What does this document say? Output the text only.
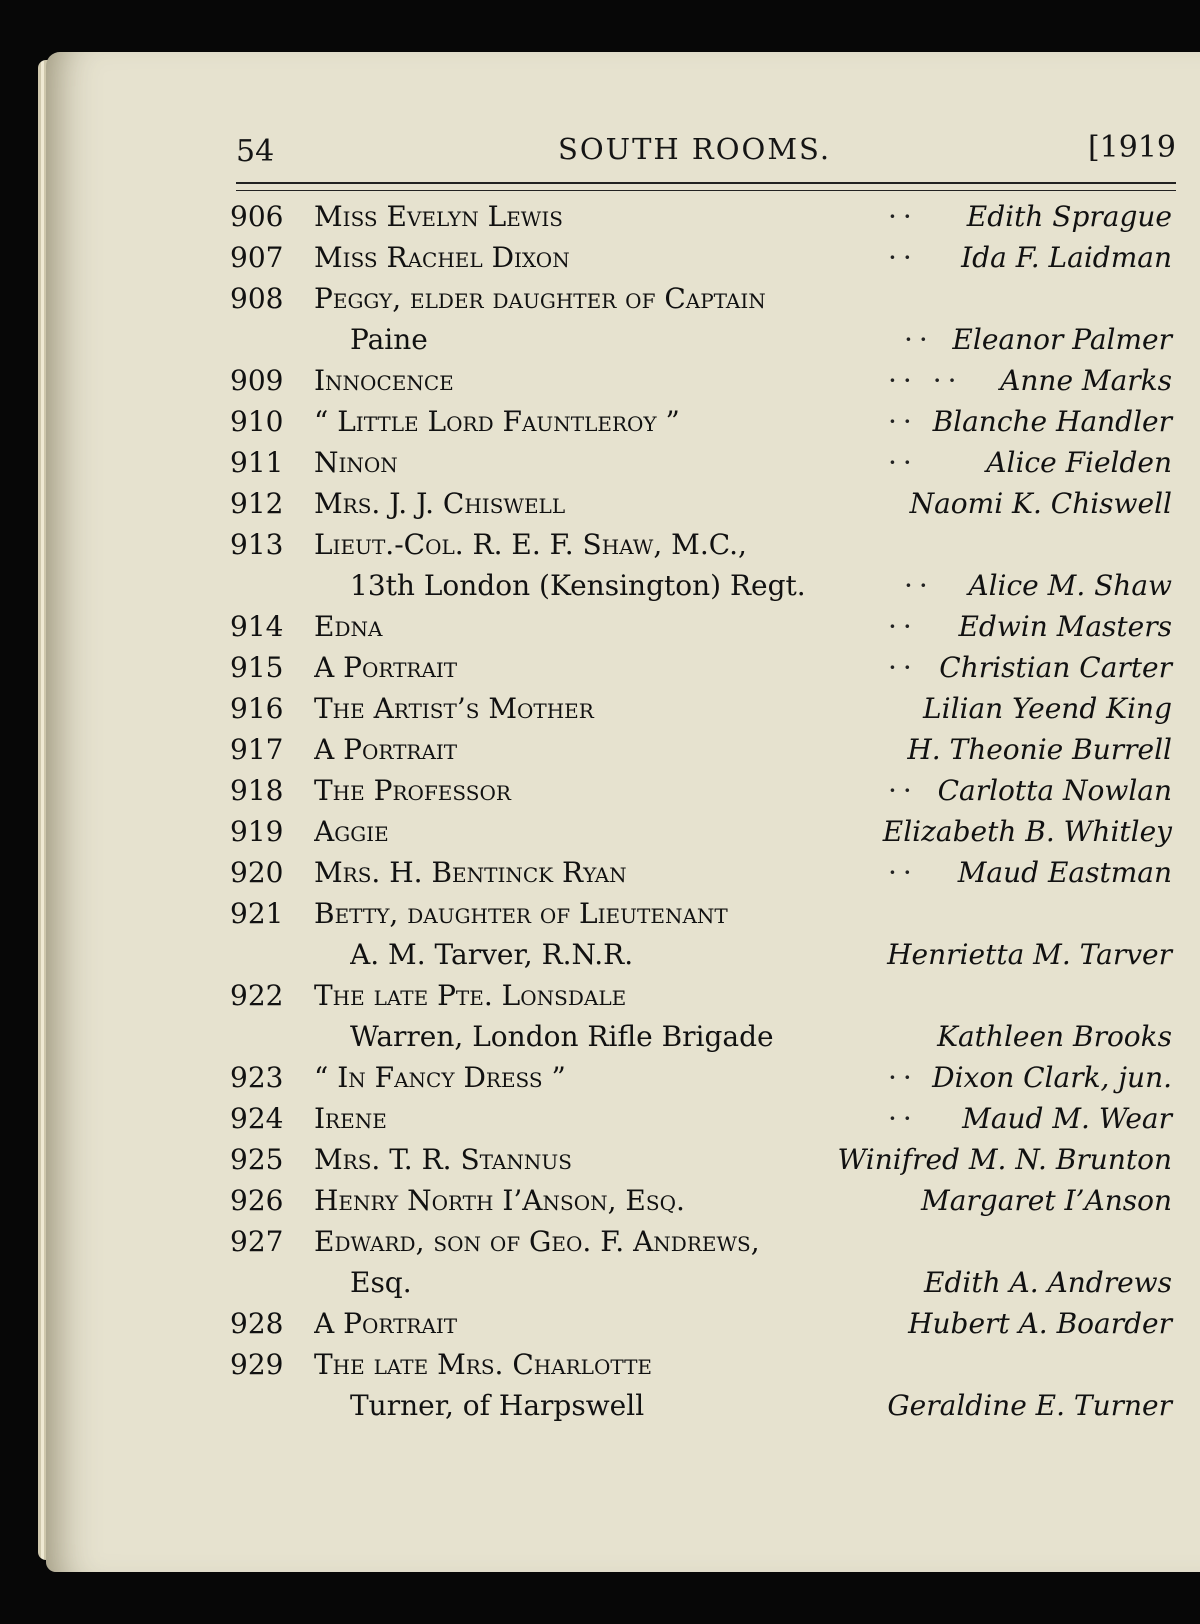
54	SOUTH ROOMS.	[1919
906	Miss Evelyn Lewis	·· Edith Sprague
907	Miss Rachel Dixon	·· Ida F. Laidman
908	Peggy, elder daughter of Captain
Paine	·· Eleanor Palmer
909	Innocence	·· ·· Anne Marks
910	“ Little Lord Fauntleroy ”	·· Blanche Handler
911	Ninon	·· Alice Fielden
912	Mrs. J. J. Chiswell	Naomi K. Chiswell
913	Lieut.-Col. R. E. F. Shaw, M.C.,
13th London (Kensington) Regt.	·· Alice M. Shaw
914	Edna	·· Edwin Masters
915	A Portrait	·· Christian Carter
916	The Artist’s Mother	Lilian Yeend King
917	A Portrait	H. Theonie Burrell
918	The Professor	·· Carlotta Nowlan
919	Aggie	Elizabeth B. Whitley
920	Mrs. H. Bentinck Ryan	·· Maud Eastman
921	Betty, daughter of Lieutenant
A. M. Tarver, R.N.R.	Henrietta M. Tarver
922	The late Pte. Lonsdale
Warren, London Rifle Brigade	Kathleen Brooks
923	“ In Fancy Dress ”	·· Dixon Clark, jun.
924	Irene	·· Maud M. Wear
925	Mrs. T. R. Stannus	Winifred M. N. Brunton
926	Henry North I’Anson, Esq.	Margaret I’Anson
927	Edward, son of Geo. F. Andrews,
Esq.	Edith A. Andrews
928	A Portrait	Hubert A. Boarder
929	The late Mrs. Charlotte
Turner, of Harpswell	Geraldine E. Turner
